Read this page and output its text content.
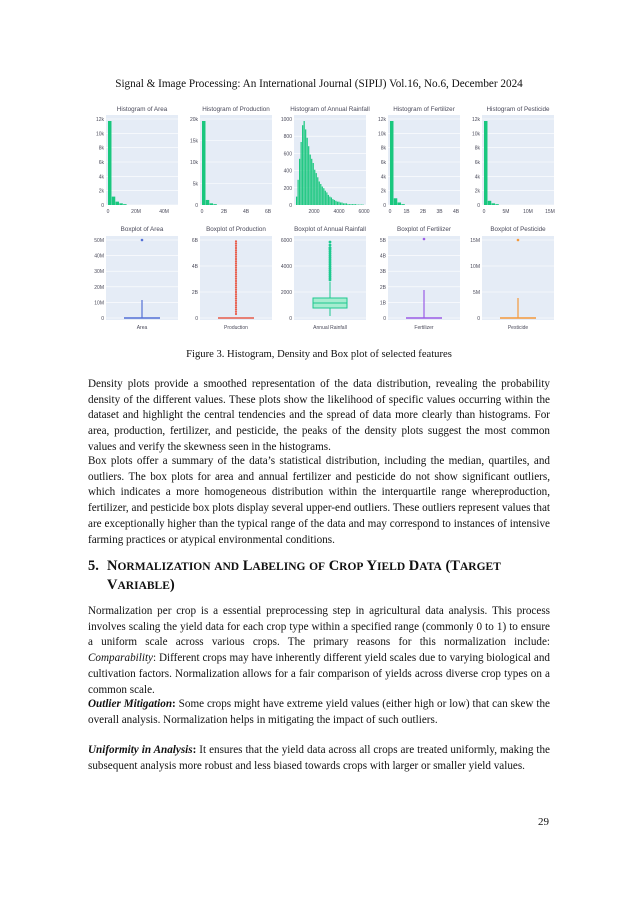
Signal & Image Processing: An International Journal (SIPIJ) Vol.16, No.6, December 2024
Histogram of Area
12k
10k
8k
6k
4k
2k
0
0	20M	40M
Histogram of Production
20k
15k
10k
5k
0
0	2B	4B	6B
Histogram of Annual Rainfall
1000
800
600
400
200
0
2000	4000	6000
Histogram of Fertilizer
12k
10k
8k
6k
4k
2k
0
0 1B 2B 3B 4B
Histogram of Pesticide
12k
10k
8k
6k
4k
2k
0
0	5M	10M 15M
Boxplot of Area
50M
40M
30M
20M
10M
0
Area
Boxplot of Production
6B
4B
2B
0
Production
Boxplot of Annual Rainfall
6000
4000
2000
0
Annual Rainfall
Boxplot of Fertilizer
5B
4B
3B
2B
1B
0
Fertilizer
Boxplot of Pesticide
15M
10M
5M
0
Pesticide
Figure 3. Histogram, Density and Box plot of selected features

Density plots provide a smoothed representation of the data distribution, revealing the probability density of the different values. These plots show the likelihood of specific values occurring within the dataset and highlight the central tendencies and the spread of data more clearly than histograms. For area, production, fertilizer, and pesticide, the peaks of the density plots suggest the most common values and verify the skewness seen in the histograms.

Box plots offer a summary of the data’s statistical distribution, including the median, quartiles, and outliers. The box plots for area and annual fertilizer and pesticide do not show significant outliers, which indicates a more homogeneous distribution within the interquartile range whereproduction, fertilizer, and pesticide box plots display several upper-end outliers. These outliers represent values that are exceptionally higher than the typical range of the data and may correspond to instances of intensive farming practices or atypical environmental conditions.

5. NORMALIZATION AND LABELING OF CROP YIELD DATA (TARGET
VARIABLE)

Normalization per crop is a essential preprocessing step in agricultural data analysis. This process involves scaling the yield data for each crop type within a specified range (commonly 0 to 1) to ensure a uniform scale across various crops. The primary reasons for this normalization include: Comparability: Different crops may have inherently different yield scales due to varying biological and cultivation factors. Normalization allows for a fair comparison of yields across diverse crop types on a common scale.

Outlier Mitigation: Some crops might have extreme yield values (either high or low) that can skew the overall analysis. Normalization helps in mitigating the impact of such outliers.

Uniformity in Analysis: It ensures that the yield data across all crops are treated uniformly, making the subsequent analysis more robust and less biased towards crops with larger or smaller yield values.

29
